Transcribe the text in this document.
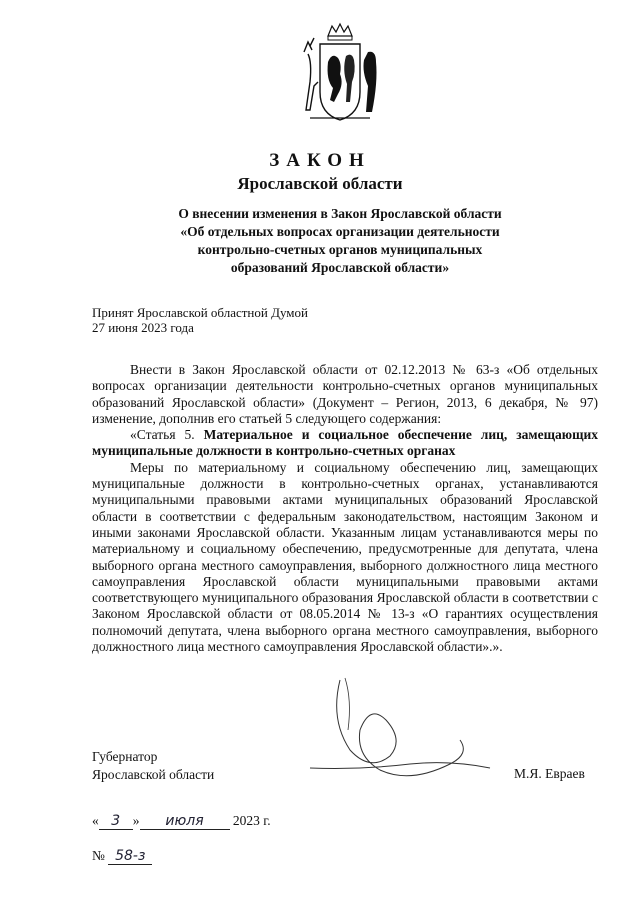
ЗАКОН
Ярославской области
О внесении изменения в Закон Ярославской области
«Об отдельных вопросах организации деятельности
контрольно-счетных органов муниципальных
образований Ярославской области»
Принят Ярославской областной Думой
27 июня 2023 года

Внести в Закон Ярославской области от 02.12.2013 № 63-з «Об отдельных вопросах организации деятельности контрольно-счетных органов муниципальных образований Ярославской области» (Документ – Регион, 2013, 6 декабря, № 97) изменение, дополнив его статьей 5 следующего содержания:

«Статья 5. Материальное и социальное обеспечение лиц, замещающих муниципальные должности в контрольно-счетных органах

Меры по материальному и социальному обеспечению лиц, замещающих муниципальные должности в контрольно-счетных органах, устанавливаются муниципальными правовыми актами муниципальных образований Ярославской области в соответствии с федеральным законодательством, настоящим Законом и иными законами Ярославской области. Указанным лицам устанавливаются меры по материальному и социальному обеспечению, предусмотренные для депутата, члена выборного органа местного самоуправления, выборного должностного лица местного самоуправления Ярославской области муниципальными правовыми актами соответствующего муниципального образования Ярославской области в соответствии с Законом Ярославской области от 08.05.2014 № 13-з «О гарантиях осуществления полномочий депутата, члена выборного органа местного самоуправления, выборного должностного лица местного самоуправления Ярославской области».».

Губернатор
Ярославской области	М.Я. Евраев
« 3 » июля 2023 г.
№ 58-з
